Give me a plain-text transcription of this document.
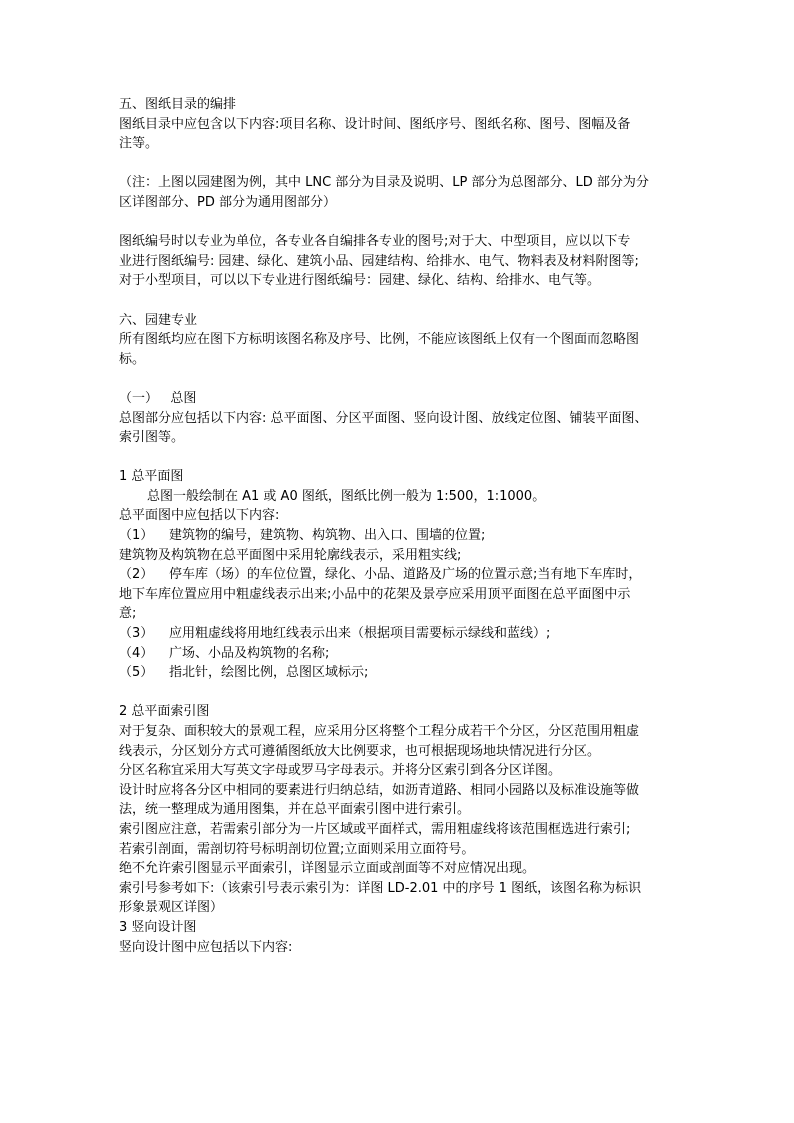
五、图纸目录的编排
图纸目录中应包含以下内容:项目名称、设计时间、图纸序号、图纸名称、图号、图幅及备
注等。
（注：上图以园建图为例，其中 LNC 部分为目录及说明、LP 部分为总图部分、LD 部分为分
区详图部分、PD 部分为通用图部分）
图纸编号时以专业为单位，各专业各自编排各专业的图号;对于大、中型项目，应以以下专
业进行图纸编号: 园建、绿化、建筑小品、园建结构、给排水、电气、物料表及材料附图等;
对于小型项目，可以以下专业进行图纸编号：园建、绿化、结构、给排水、电气等。
六、园建专业
所有图纸均应在图下方标明该图名称及序号、比例，不能应该图纸上仅有一个图面而忽略图
标。
（一）   总图
总图部分应包括以下内容: 总平面图、分区平面图、竖向设计图、放线定位图、铺装平面图、
索引图等。
1 总平面图
总图一般绘制在 A1 或 A0 图纸，图纸比例一般为 1:500，1:1000。
总平面图中应包括以下内容:
（1） 建筑物的编号，建筑物、构筑物、出入口、围墙的位置;
建筑物及构筑物在总平面图中采用轮廓线表示，采用粗实线;
（2） 停车库（场）的车位位置，绿化、小品、道路及广场的位置示意;当有地下车库时，
地下车库位置应用中粗虚线表示出来;小品中的花架及景亭应采用顶平面图在总平面图中示
意;
（3） 应用粗虚线将用地红线表示出来（根据项目需要标示绿线和蓝线）;
（4） 广场、小品及构筑物的名称;
（5） 指北针，绘图比例，总图区域标示;
2 总平面索引图
对于复杂、面积较大的景观工程，应采用分区将整个工程分成若干个分区，分区范围用粗虚
线表示，分区划分方式可遵循图纸放大比例要求，也可根据现场地块情况进行分区。
分区名称宜采用大写英文字母或罗马字母表示。并将分区索引到各分区详图。
设计时应将各分区中相同的要素进行归纳总结，如沥青道路、相同小园路以及标准设施等做
法，统一整理成为通用图集，并在总平面索引图中进行索引。
索引图应注意，若需索引部分为一片区域或平面样式，需用粗虚线将该范围框选进行索引;
若索引剖面，需剖切符号标明剖切位置;立面则采用立面符号。
绝不允许索引图显示平面索引，详图显示立面或剖面等不对应情况出现。
索引号参考如下:（该索引号表示索引为：详图 LD-2.01 中的序号 1 图纸，该图名称为标识
形象景观区详图）
3 竖向设计图
竖向设计图中应包括以下内容:
